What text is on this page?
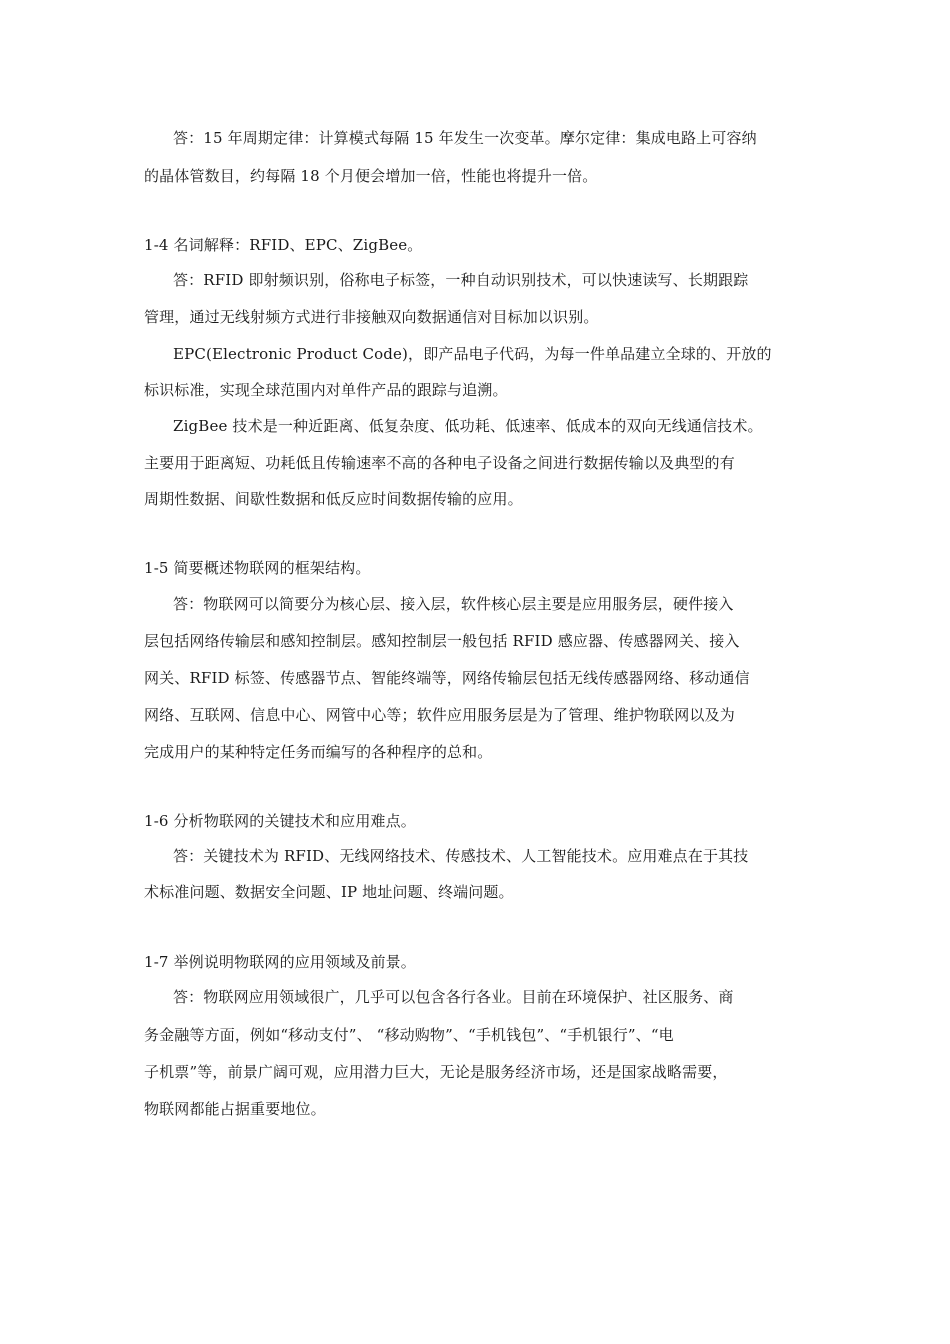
答：15 年周期定律：计算模式每隔 15 年发生一次变革。摩尔定律：集成电路上可容纳
的晶体管数目，约每隔 18 个月便会增加一倍，性能也将提升一倍。
1-4 名词解释：RFID、EPC、ZigBee。
答：RFID 即射频识别，俗称电子标签，一种自动识别技术，可以快速读写、长期跟踪
管理，通过无线射频方式进行非接触双向数据通信对目标加以识别。
EPC(Electronic Product Code)，即产品电子代码，为每一件单品建立全球的、开放的
标识标准，实现全球范围内对单件产品的跟踪与追溯。
ZigBee 技术是一种近距离、低复杂度、低功耗、低速率、低成本的双向无线通信技术。
主要用于距离短、功耗低且传输速率不高的各种电子设备之间进行数据传输以及典型的有
周期性数据、间歇性数据和低反应时间数据传输的应用。
1-5 简要概述物联网的框架结构。
答：物联网可以简要分为核心层、接入层，软件核心层主要是应用服务层，硬件接入
层包括网络传输层和感知控制层。感知控制层一般包括 RFID 感应器、传感器网关、接入
网关、RFID 标签、传感器节点、智能终端等，网络传输层包括无线传感器网络、移动通信
网络、互联网、信息中心、网管中心等；软件应用服务层是为了管理、维护物联网以及为
完成用户的某种特定任务而编写的各种程序的总和。
1-6 分析物联网的关键技术和应用难点。
答：关键技术为 RFID、无线网络技术、传感技术、人工智能技术。应用难点在于其技
术标准问题、数据安全问题、IP 地址问题、终端问题。
1-7 举例说明物联网的应用领域及前景。
答：物联网应用领域很广，几乎可以包含各行各业。目前在环境保护、社区服务、商
务金融等方面，例如“移动支付”、 “移动购物”、“手机钱包”、“手机银行”、“电
子机票”等，前景广阔可观，应用潜力巨大，无论是服务经济市场，还是国家战略需要，
物联网都能占据重要地位。
